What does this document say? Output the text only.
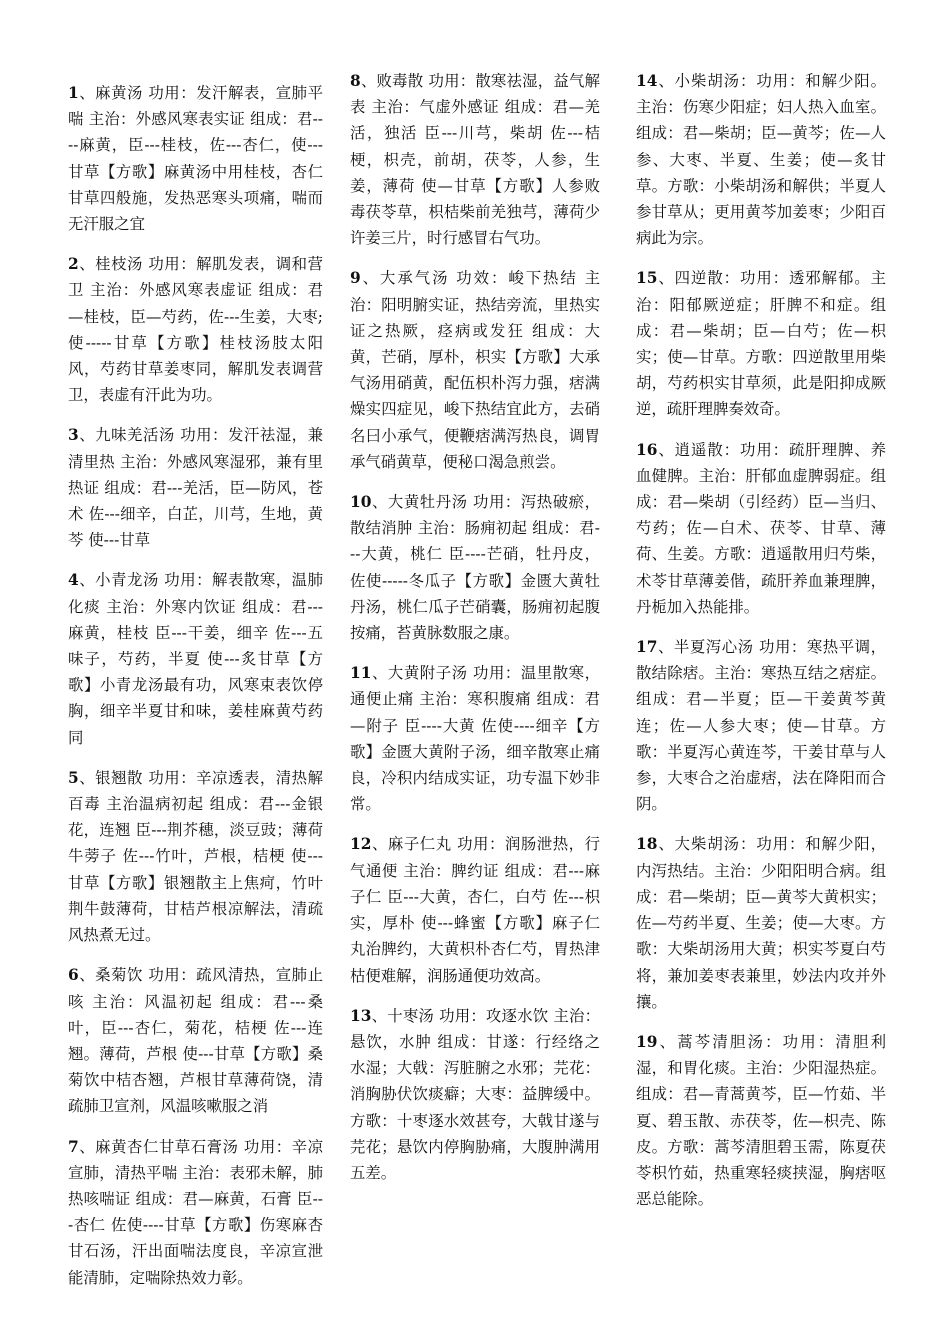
1、麻黄汤 功用：发汗解表，宣肺平喘 主治：外感风寒表实证 组成：君----麻黄，臣---桂枝，佐---杏仁，使---甘草【方歌】麻黄汤中用桂枝，杏仁甘草四般施，发热恶寒头项痛，喘而无汗服之宜

2、桂枝汤 功用：解肌发表，调和营卫 主治：外感风寒表虚证 组成：君—桂枝，臣—芍药，佐---生姜，大枣;使-----甘草【方歌】桂枝汤肢太阳风，芍药甘草姜枣同，解肌发表调营卫，表虚有汗此为功。

3、九味羌活汤 功用：发汗祛湿，兼清里热 主治：外感风寒湿邪，兼有里热证 组成：君---羌活，臣—防风，苍术 佐---细辛，白芷，川芎，生地，黄芩 使---甘草

4、小青龙汤 功用：解表散寒，温肺化痰 主治：外寒内饮证 组成：君---麻黄，桂枝 臣---干姜，细辛 佐---五味子，芍药，半夏 使---炙甘草【方歌】小青龙汤最有功，风寒束表饮停胸，细辛半夏甘和味，姜桂麻黄芍药同

5、银翘散 功用：辛凉透表，清热解百毒 主治温病初起 组成：君---金银花，连翘 臣---荆芥穗，淡豆豉；薄荷牛蒡子 佐---竹叶，芦根，桔梗 使---甘草【方歌】银翘散主上焦疴，竹叶荆牛鼓薄荷，甘桔芦根凉解法，清疏风热煮无过。

6、桑菊饮 功用：疏风清热，宣肺止咳 主治：风温初起 组成：君---桑叶，臣---杏仁，菊花，桔梗 佐---连翘。薄荷，芦根 使---甘草【方歌】桑菊饮中桔杏翘，芦根甘草薄荷饶，清疏肺卫宣剂，风温咳嗽服之消

7、麻黄杏仁甘草石膏汤 功用：辛凉宣肺，清热平喘 主治：表邪未解，肺热咳喘证 组成：君—麻黄，石膏 臣---杏仁 佐使----甘草【方歌】伤寒麻杏甘石汤，汗出面喘法度良，辛凉宣泄能清肺，定喘除热效力彰。

8、败毒散 功用：散寒祛湿，益气解表 主治：气虚外感证 组成：君—羌活，独活 臣---川芎，柴胡 佐---桔梗，枳壳，前胡，茯苓，人参，生姜，薄荷 使—甘草【方歌】人参败毒茯苓草，枳桔柴前羌独芎，薄荷少许姜三片，时行感冒右气功。

9、大承气汤 功效：峻下热结 主治：阳明腑实证，热结旁流，里热实证之热厥，痉病或发狂 组成：大黄，芒硝，厚朴，枳实【方歌】大承气汤用硝黄，配伍枳朴泻力强，痞满燥实四症见，峻下热结宜此方，去硝名曰小承气，便鞭痞满泻热良，调胃承气硝黄草，便秘口渴急煎尝。

10、大黄牡丹汤 功用：泻热破瘀，散结消肿 主治：肠痈初起 组成：君---大黄，桃仁 臣----芒硝，牡丹皮，佐使-----冬瓜子【方歌】金匮大黄牡丹汤，桃仁瓜子芒硝囊，肠痈初起腹按痛，苔黄脉数服之康。

11、大黄附子汤 功用：温里散寒，通便止痛 主治：寒积腹痛 组成：君—附子 臣----大黄 佐使----细辛【方歌】金匮大黄附子汤，细辛散寒止痛良，冷积内结成实证，功专温下妙非常。

12、麻子仁丸 功用：润肠泄热，行气通便 主治：脾约证 组成：君---麻子仁 臣---大黄，杏仁，白芍 佐---枳实，厚朴 使---蜂蜜【方歌】麻子仁丸治脾约，大黄枳朴杏仁芍，胃热津枯便难解，润肠通便功效高。

13、十枣汤 功用：攻逐水饮 主治：悬饮，水肿 组成：甘遂：行经络之水湿；大戟：泻脏腑之水邪；芫花：消胸胁伏饮痰癖；大枣：益脾缓中。方歌：十枣逐水效甚夸，大戟甘遂与芫花；悬饮内停胸胁痛，大腹肿满用五差。

14、小柴胡汤：功用：和解少阳。主治：伤寒少阳症；妇人热入血室。组成：君—柴胡；臣—黄芩；佐—人参、大枣、半夏、生姜；使—炙甘草。方歌：小柴胡汤和解供；半夏人参甘草从；更用黄芩加姜枣；少阳百病此为宗。

15、四逆散：功用：透邪解郁。主治：阳郁厥逆症；肝脾不和症。组成：君—柴胡；臣—白芍；佐—枳实；使—甘草。方歌：四逆散里用柴胡，芍药枳实甘草须，此是阳抑成厥逆，疏肝理脾奏效奇。

16、逍遥散：功用：疏肝理脾、养血健脾。主治：肝郁血虚脾弱症。组成：君—柴胡（引经药）臣—当归、芍药；佐—白术、茯苓、甘草、薄荷、生姜。方歌：逍遥散用归芍柴，术苓甘草薄姜偕，疏肝养血兼理脾，丹栀加入热能排。

17、半夏泻心汤 功用：寒热平调，散结除痞。主治：寒热互结之痞症。组成：君—半夏；臣—干姜黄芩黄连；佐—人参大枣；使—甘草。方歌：半夏泻心黄连芩，干姜甘草与人参，大枣合之治虚痞，法在降阳而合阴。

18、大柴胡汤：功用：和解少阳，内泻热结。主治：少阳阳明合病。组成：君—柴胡；臣—黄芩大黄枳实；佐—芍药半夏、生姜；使—大枣。方歌：大柴胡汤用大黄；枳实芩夏白芍将，兼加姜枣表兼里，妙法内攻并外攘。

19、蒿芩清胆汤：功用：清胆利湿，和胃化痰。主治：少阳湿热症。组成：君—青蒿黄芩，臣—竹茹、半夏、碧玉散、赤茯苓，佐—枳壳、陈皮。方歌：蒿芩清胆碧玉需，陈夏茯苓枳竹茹，热重寒轻痰挟湿，胸痞呕恶总能除。
